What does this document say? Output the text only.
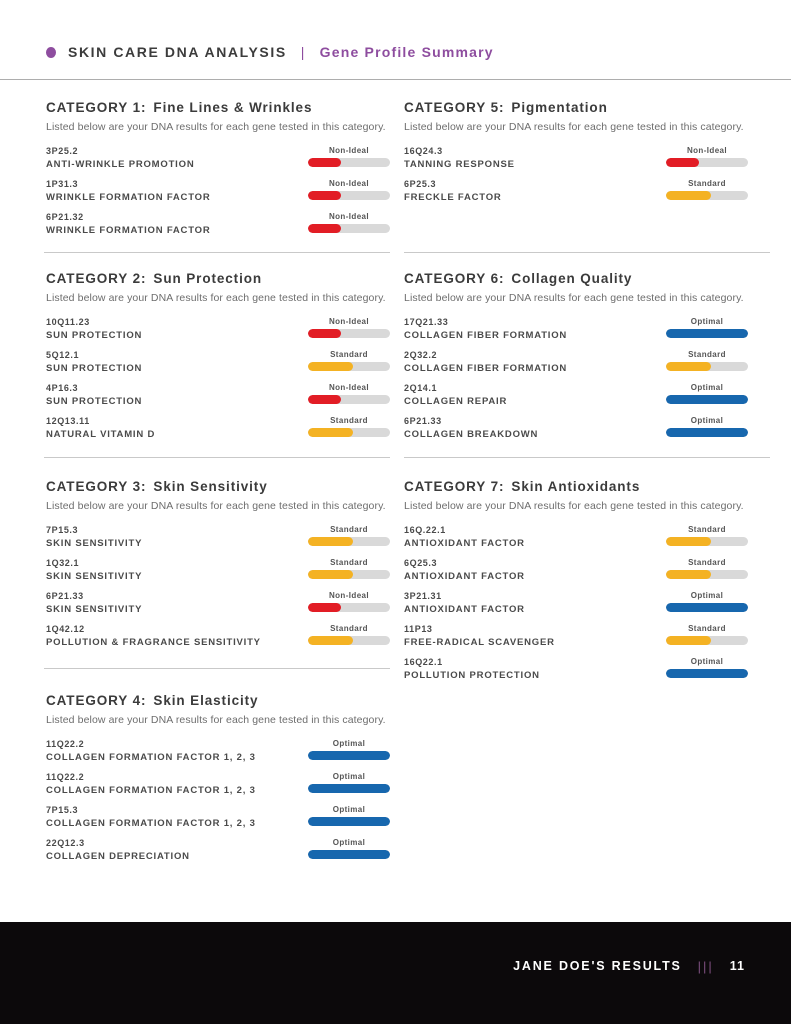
SKIN CARE DNA ANALYSIS | Gene Profile Summary
CATEGORY 1: Fine Lines & Wrinkles

Listed below are your DNA results for each gene tested in this category.

3P25.2
ANTI-WRINKLE PROMOTION
Non-Ideal
1P31.3
WRINKLE FORMATION FACTOR
Non-Ideal
6P21.32
WRINKLE FORMATION FACTOR
Non-Ideal
CATEGORY 2: Sun Protection

Listed below are your DNA results for each gene tested in this category.

10Q11.23
SUN PROTECTION
Non-Ideal
5Q12.1
SUN PROTECTION
Standard
4P16.3
SUN PROTECTION
Non-Ideal
12Q13.11
NATURAL VITAMIN D
Standard
CATEGORY 3: Skin Sensitivity

Listed below are your DNA results for each gene tested in this category.

7P15.3
SKIN SENSITIVITY
Standard
1Q32.1
SKIN SENSITIVITY
Standard
6P21.33
SKIN SENSITIVITY
Non-Ideal
1Q42.12
POLLUTION & FRAGRANCE SENSITIVITY
Standard
CATEGORY 4: Skin Elasticity

Listed below are your DNA results for each gene tested in this category.

11Q22.2
COLLAGEN FORMATION FACTOR 1, 2, 3
Optimal
11Q22.2
COLLAGEN FORMATION FACTOR 1, 2, 3
Optimal
7P15.3
COLLAGEN FORMATION FACTOR 1, 2, 3
Optimal
22Q12.3
COLLAGEN DEPRECIATION
Optimal
CATEGORY 5: Pigmentation

Listed below are your DNA results for each gene tested in this category.

16Q24.3
TANNING RESPONSE
Non-Ideal
6P25.3
FRECKLE FACTOR
Standard
CATEGORY 6: Collagen Quality

Listed below are your DNA results for each gene tested in this category.

17Q21.33
COLLAGEN FIBER FORMATION
Optimal
2Q32.2
COLLAGEN FIBER FORMATION
Standard
2Q14.1
COLLAGEN REPAIR
Optimal
6P21.33
COLLAGEN BREAKDOWN
Optimal
CATEGORY 7: Skin Antioxidants

Listed below are your DNA results for each gene tested in this category.

16Q.22.1
ANTIOXIDANT FACTOR
Standard
6Q25.3
ANTIOXIDANT FACTOR
Standard
3P21.31
ANTIOXIDANT FACTOR
Optimal
11P13
FREE-RADICAL SCAVENGER
Standard
16Q22.1
POLLUTION PROTECTION
Optimal
JANE DOE'S RESULTS ||| 11
